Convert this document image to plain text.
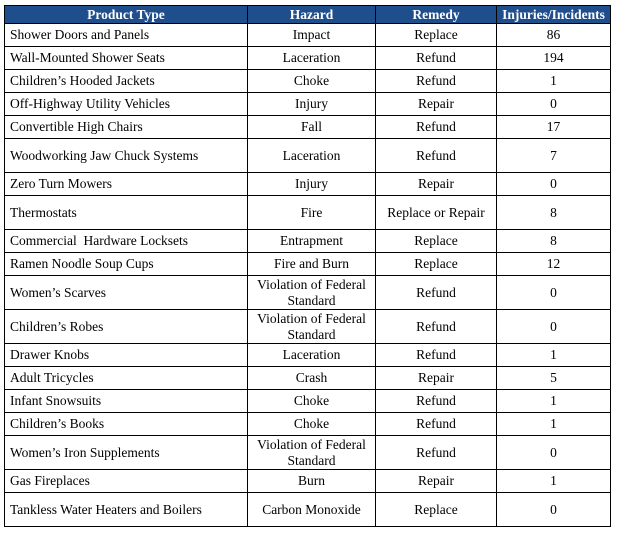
Product Type	Hazard	Remedy	Injuries/Incidents
Shower Doors and Panels	Impact	Replace	86
Wall-Mounted Shower Seats	Laceration	Refund	194
Children’s Hooded Jackets	Choke	Refund	1
Off-Highway Utility Vehicles	Injury	Repair	0
Convertible High Chairs	Fall	Refund	17
Woodworking Jaw Chuck Systems	Laceration	Refund	7
Zero Turn Mowers	Injury	Repair	0
Thermostats	Fire	Replace or Repair	8
Commercial  Hardware Locksets	Entrapment	Replace	8
Ramen Noodle Soup Cups	Fire and Burn	Replace	12
Women’s Scarves	Violation of Federal Standard	Refund	0
Children’s Robes	Violation of Federal Standard	Refund	0
Drawer Knobs	Laceration	Refund	1
Adult Tricycles	Crash	Repair	5
Infant Snowsuits	Choke	Refund	1
Children’s Books	Choke	Refund	1
Women’s Iron Supplements	Violation of Federal Standard	Refund	0
Gas Fireplaces	Burn	Repair	1
Tankless Water Heaters and Boilers	Carbon Monoxide	Replace	0
